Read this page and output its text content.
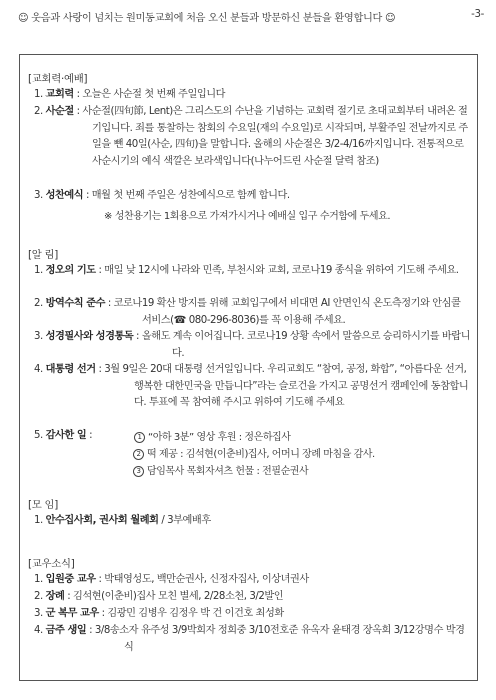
☺ 웃음과 사랑이 넘치는 원미동교회에 처음 오신 분들과 방문하신 분들을 환영합니다 ☺	-3-
[교회력·예배]
1. 교회력 : 오늘은 사순절 첫 번째 주일입니다
2. 사순절 : 사순절(四旬節, Lent)은 그리스도의 수난을 기념하는 교회력 절기로 초대교회부터 내려온 절기입니다. 죄를 통찰하는 참회의 수요일(재의 수요일)로 시작되며, 부활주일 전날까지로 주일을 뺀 40일(사순, 四旬)을 말합니다. 올해의 사순절은 3/2-4/16까지입니다. 전통적으로 사순시기의 예식 색깔은 보라색입니다(나누어드린 사순절 달력 참조)
3. 성찬예식 : 매월 첫 번째 주일은 성찬예식으로 함께 합니다.
※ 성찬용기는 1회용으로 가져가시거나 예배실 입구 수거함에 두세요.
[알 림]
1. 정오의 기도 : 매일 낮 12시에 나라와 민족, 부천시와 교회, 코로나19 종식을 위하여 기도해 주세요.
2. 방역수칙 준수 : 코로나19 확산 방지를 위해 교회입구에서 비대면 AI 안면인식 온도측정기와 안심콜 서비스(☎ 080-296-8036)를 꼭 이용해 주세요.
3. 성경필사와 성경통독 : 올해도 계속 이어집니다. 코로나19 상황 속에서 말씀으로 승리하시기를 바랍니다.
4. 대통령 선거 : 3월 9일은 20대 대통령 선거일입니다. 우리교회도 “참여, 공정, 화합”, “아름다운 선거, 행복한 대한민국을 만듭니다”라는 슬로건을 가지고 공명선거 캠페인에 동참합니다. 투표에 꼭 참여해 주시고 위하여 기도해 주세요
5. 감사한 일 :	1 “아하 3분” 영상 후원 : 정은하집사
2 떡 제공 : 김석현(이춘비)집사, 어머니 장례 마침을 감사.
3 담임목사 목회자셔츠 헌물 : 전필순권사
[모 임]
1. 안수집사회, 권사회 월례회 / 3부예배후
[교우소식]
1. 입원중 교우 : 박태영성도, 백만순권사, 신정자집사, 이상녀권사
2. 장례 : 김석현(이춘비)집사 모친 별세, 2/28소천, 3/2발인
3. 군 복무 교우 : 김광민 김병우 김정우 박 건 이건호 최성화
4. 금주 생일 : 3/8송소자 유주성 3/9박희자 정희중 3/10전호준 유옥자 윤태경 장옥희 3/12강명수 박경식
